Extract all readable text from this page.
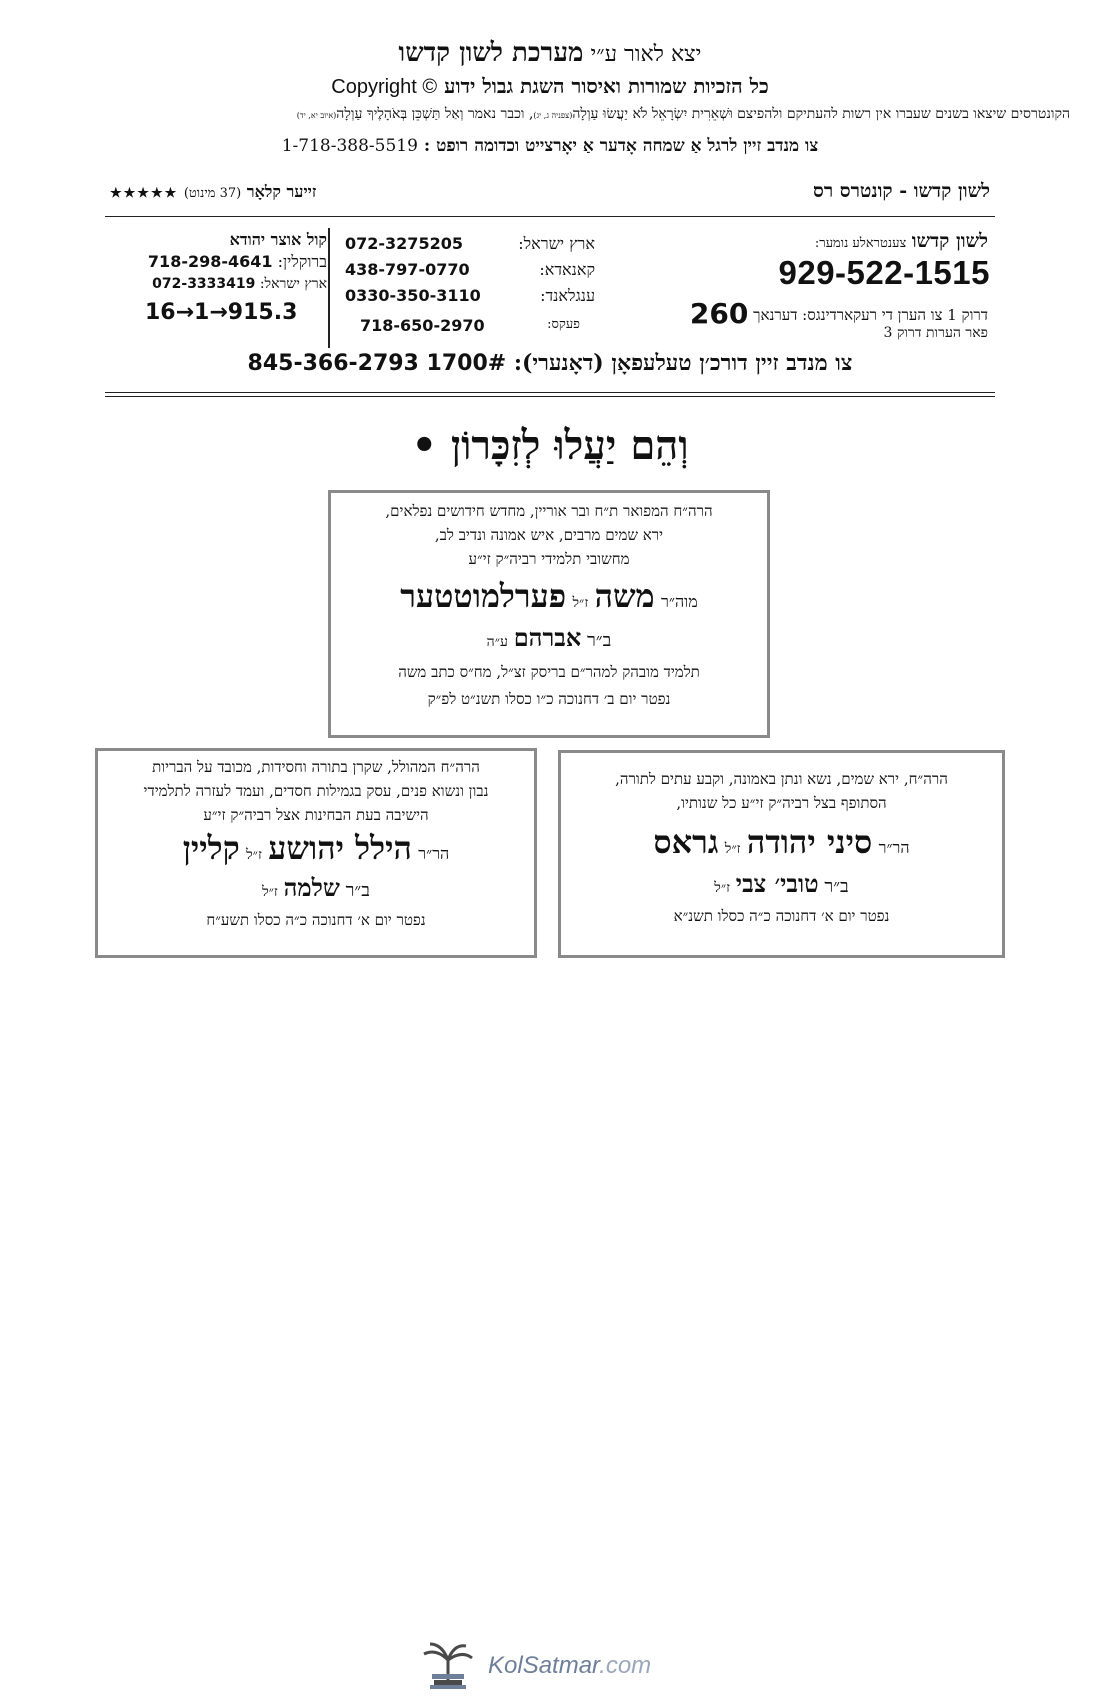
יצא לאור ע״י מערכת לשון קדשו
כל הזכיות שמורות ואיסור השגת גבול ידוע Copyright ©
הקונטרסים שיצאו בשנים שעברו אין רשות להעתיקם ולהפיצם וּשְׁאֵרִית יִשְׂרָאֵל לֹא יַעֲשׂוּ עַוְלָה(צפניה ג, יג), וכבר נאמר וְאַל תַּשְׁכֵּן בְּאֹהָלֶיךָ עַוְלָה(איוב יא, יד)
צו מנדב זיין לרגל אַ שמחה אָדער אַ יאָרצייט וכדומה רופט : 1-718-388-5519
לשון קדשו - קונטרס רס
זייער קלאָר (37 מינוט) ★★★★★
לשון קדשו צענטראלע נומער:
929-522-1515
דרוק 1 צו הערן די רעקארדינגס: דערנאך 260
פאר הערות דרוק 3
ארץ ישראל:
072-3275205
קאנאדא:
438-797-0770
ענגלאנד:
0330-350-3110
פעקס:
718-650-2970
קול אוצר יהודא
ברוקלין: 718-298-4641
ארץ ישראל: 072-3333419
16→1→915.3
צו מנדב זיין דורכ׳ן טעלעפאָן (דאָנערי): 845-366-2793 1700#
וְהֵם יַעֲלוּ לְזִכָּרוֹן •
הרה״ח המפואר ת״ח ובר אוריין, מחדש חידושים נפלאים,
ירא שמים מרבים, איש אמונה ונדיב לב,
מחשובי תלמידי רביה״ק זי״ע
מוה״ר משה ז״ל פערלמוטטער
ב״ר אברהם ע״ה
תלמיד מובהק למהר״ם בריסק זצ״ל, מח״ס כתב משה
נפטר יום ב׳ דחנוכה כ״ו כסלו תשנ״ט לפ״ק
הרה״ח המהולל, שקרן בתורה וחסידות, מכובד על הבריות
נבון ונשוא פנים, עסק בגמילות חסדים, ועמד לעזרה לתלמידי
הישיבה בעת הבחינות אצל רביה״ק זי״ע
הר״ר הילל יהושע ז״ל קליין
ב״ר שלמה ז״ל
נפטר יום א׳ דחנוכה כ״ה כסלו תשע״ח
הרה״ח, ירא שמים, נשא ונתן באמונה, וקבע עתים לתורה,
הסתופף בצל רביה״ק זי״ע כל שנותיו,
הר״ר סיני יהודה ז״ל גראס
ב״ר טובי׳ צבי ז״ל
נפטר יום א׳ דחנוכה כ״ה כסלו תשנ״א
KolSatmar.com
